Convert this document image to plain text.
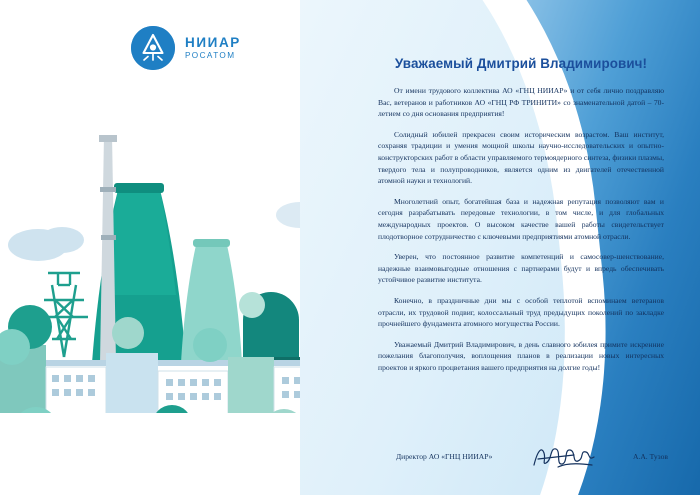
НИИАР
РОСАТОМ
Уважаемый Дмитрий Владимирович!

От имени трудового коллектива АО «ГНЦ НИИАР» и от себя лично поздравляю Вас, ветеранов и работников АО «ГНЦ РФ ТРИНИТИ» со знаменательной датой – 70-летием со дня основания предприятия!

Солидный юбилей прекрасен своим историческим возрастом. Ваш институт, сохраняя традиции и умения мощной школы научно-исследовательских и опытно-конструкторских работ в области управляемого термоядерного синтеза, физики плазмы, твердого тела и полупроводников, является одним из двигателей отечественной атомной науки и технологий.

Многолетний опыт, богатейшая база и надежная репутация позволяют вам и сегодня разрабатывать передовые технологии, в том числе, и для глобальных международных проектов. О высоком качестве вашей работы свидетельствует плодотворное сотрудничество с ключевыми предприятиями атомной отрасли.

Уверен, что постоянное развитие компетенций и самосовер-шенствование, надежные взаимовыгодные отношения с партнерами будут и впредь обеспечивать устойчивое развитие института.

Конечно, в праздничные дни мы с особой теплотой вспоминаем ветеранов отрасли, их трудовой подвиг, колоссальный труд предыдущих поколений по закладке прочнейшего фундамента атомного могущества России.

Уважаемый Дмитрий Владимирович, в день славного юбилея примите искренние пожелания благополучия, воплощения планов в реализации новых интересных проектов и яркого процветания вашего предприятия на долгие годы!

Директор АО «ГНЦ НИИАР»	А.А. Тузов
